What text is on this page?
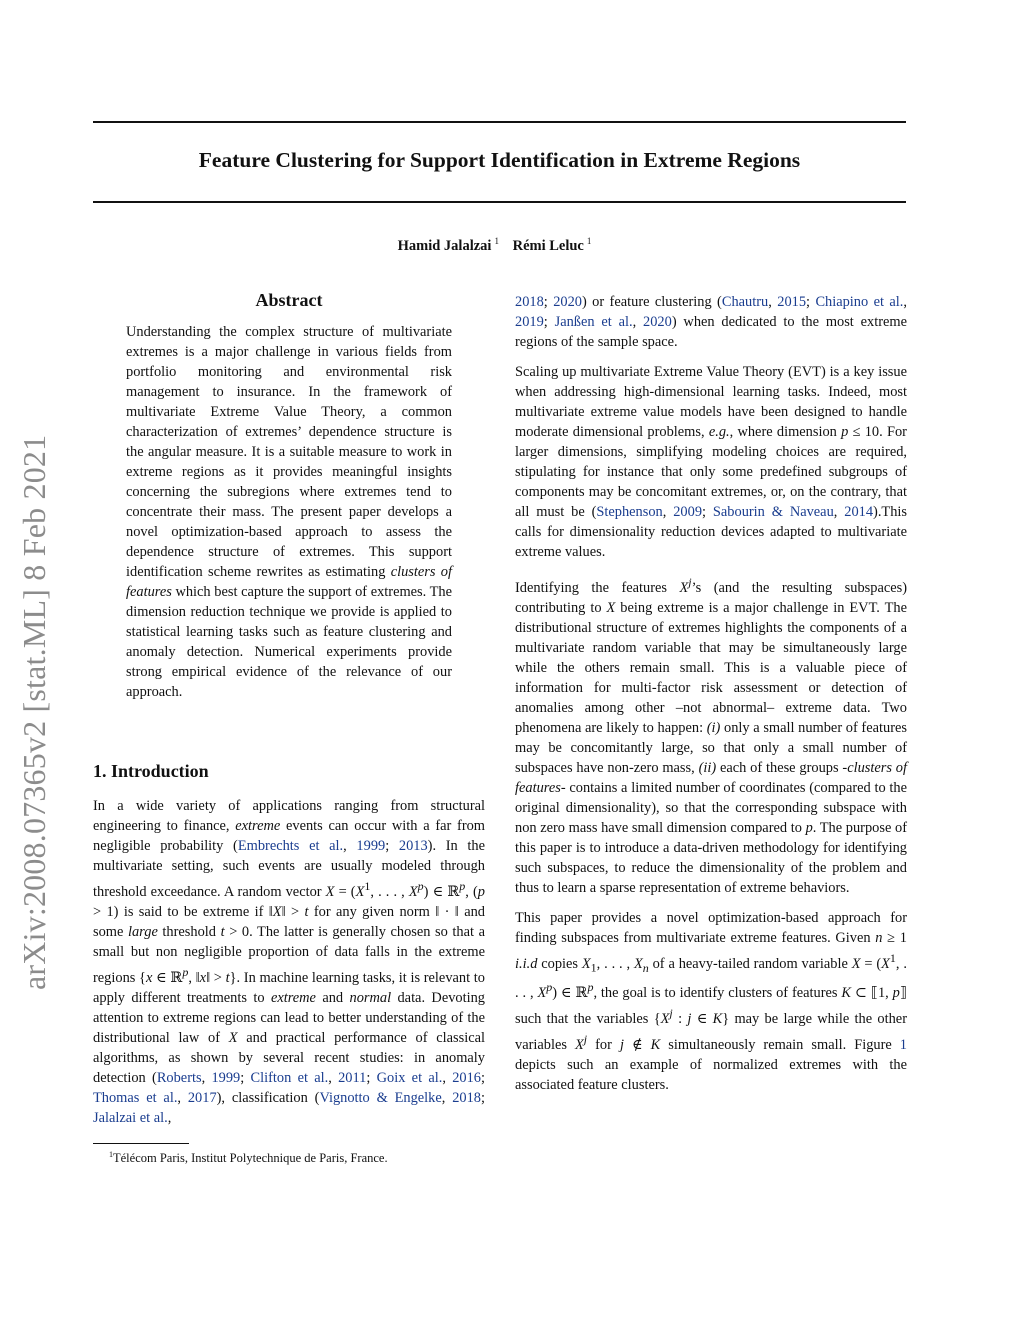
Feature Clustering for Support Identification in Extreme Regions
Hamid Jalalzai $^1$ Rémi Leluc $^1$
arXiv:2008.07365v2 [stat.ML] 8 Feb 2021
Abstract
Understanding the complex structure of multivariate extremes is a major challenge in various fields from portfolio monitoring and environmental risk management to insurance. In the framework of multivariate Extreme Value Theory, a common characterization of extremes’ dependence structure is the angular measure. It is a suitable measure to work in extreme regions as it provides meaningful insights concerning the subregions where extremes tend to concentrate their mass. The present paper develops a novel optimization-based approach to assess the dependence structure of extremes. This support identification scheme rewrites as estimating clusters of features which best capture the support of extremes. The dimension reduction technique we provide is applied to statistical learning tasks such as feature clustering and anomaly detection. Numerical experiments provide strong empirical evidence of the relevance of our approach.
1. Introduction

In a wide variety of applications ranging from structural engineering to finance, extreme events can occur with a far from negligible probability (Embrechts et al., 1999; 2013). In the multivariate setting, such events are usually modeled through threshold exceedance. A random vector $X = (X^1$, . . . , $X^p$) ∈ ℝ$^p$, (p > 1) is said to be extreme if ‖X‖ > t for any given norm ‖ · ‖ and some large threshold t > 0. The latter is generally chosen so that a small but non negligible proportion of data falls in the extreme regions {x ∈ ℝ$^p$, ‖x‖ > t}. In machine learning tasks, it is relevant to apply different treatments to extreme and normal data. Devoting attention to extreme regions can lead to better understanding of the distributional law of X and practical performance of classical algorithms, as shown by several recent studies: in anomaly detection (Roberts, 1999; Clifton et al., 2011; Goix et al., 2016; Thomas et al., 2017), classification (Vignotto & Engelke, 2018; Jalalzai et al.,

2018; 2020) or feature clustering (Chautru, 2015; Chiapino et al., 2019; Janßen et al., 2020) when dedicated to the most extreme regions of the sample space.

Scaling up multivariate Extreme Value Theory (EVT) is a key issue when addressing high-dimensional learning tasks. Indeed, most multivariate extreme value models have been designed to handle moderate dimensional problems, e.g., where dimension p ≤ 10. For larger dimensions, simplifying modeling choices are required, stipulating for instance that only some predefined subgroups of components may be concomitant extremes, or, on the contrary, that all must be (Stephenson, 2009; Sabourin & Naveau, 2014).This calls for dimensionality reduction devices adapted to multivariate extreme values.

Identifying the features $X^j’s$ (and the resulting subspaces) contributing to X being extreme is a major challenge in EVT. The distributional structure of extremes highlights the components of a multivariate random variable that may be simultaneously large while the others remain small. This is a valuable piece of information for multi-factor risk assessment or detection of anomalies among other –not abnormal– extreme data. Two phenomena are likely to happen: (i) only a small number of features may be concomitantly large, so that only a small number of subspaces have non-zero mass, (ii) each of these groups -clusters of features- contains a limited number of coordinates (compared to the original dimensionality), so that the corresponding subspace with non zero mass have small dimension compared to p. The purpose of this paper is to introduce a data-driven methodology for identifying such subspaces, to reduce the dimensionality of the problem and thus to learn a sparse representation of extreme behaviors.

This paper provides a novel optimization-based approach for finding subspaces from multivariate extreme features. Given n ≥ 1 i.i.d copies $X_1$, . . . , $X_n$ of a heavy-tailed random variable $X = (X^1$, . . . , $X^p$) ∈ ℝ$^p$, the goal is to identify clusters of features K ⊂ ⟦1, p⟧ such that the variables {$X^j$ : j ∈ K} may be large while the other variables $X^j$ for j ∉ K simultaneously remain small. Figure 1 depicts such an example of normalized extremes with the associated feature clusters.

$^1$Télécom Paris, Institut Polytechnique de Paris, France.
